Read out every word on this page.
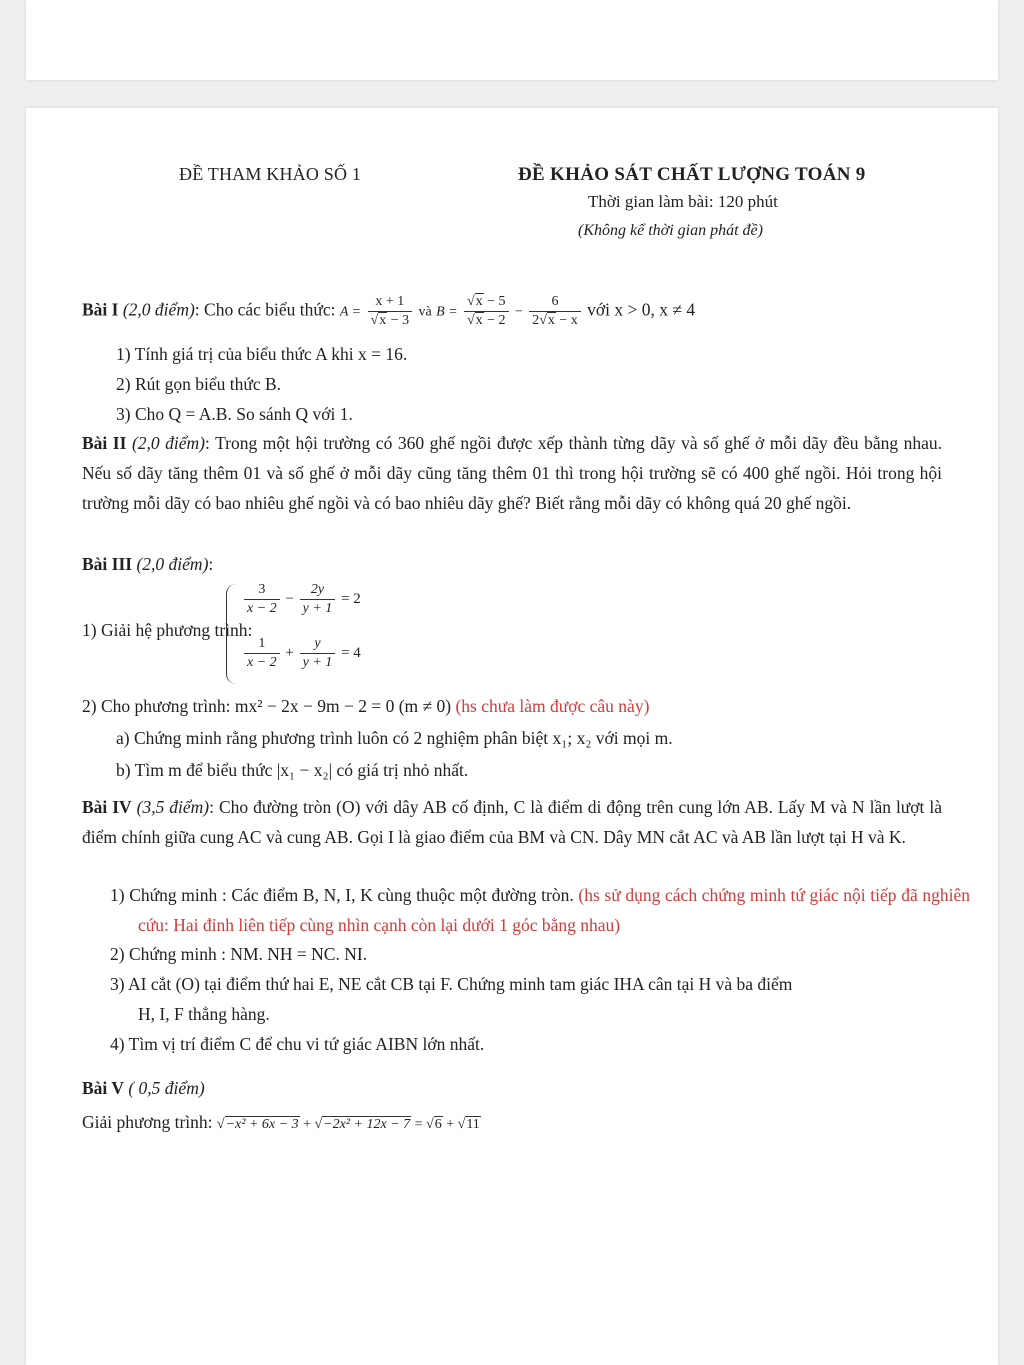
ĐỀ THAM KHẢO SỐ 1	ĐỀ KHẢO SÁT CHẤT LƯỢNG TOÁN 9
Thời gian làm bài: 120 phút
(Không kể thời gian phát đề)
Bài I (2,0 điểm): Cho các biểu thức: A = x + 1
√ x − 3 và B = √ x − 5
√ $x - 2 - \frac{6}{2 √ x - x}$ với x > 0, x ≠ 4
1) Tính giá trị của biểu thức A khi x = 16.
2) Rút gọn biểu thức B.
3) Cho Q = A.B. So sánh Q với 1.
Bài II (2,0 điểm): Trong một hội trường có 360 ghế ngồi được xếp thành từng dãy và số ghế ở mỗi dãy đều bằng nhau. Nếu số dãy tăng thêm 01 và số ghế ở mỗi dãy cũng tăng thêm 01 thì trong hội trường sẽ có 400 ghế ngồi. Hỏi trong hội trường mỗi dãy có bao nhiêu ghế ngồi và có bao nhiêu dãy ghế? Biết rằng mỗi dãy có không quá 20 ghế ngồi.
Bài III (2,0 điểm):
1) Giải hệ phương trình:
$\frac{3}{x - 2} - \frac{2y}{y + 1} = 2$
$\frac{1}{x - 2} + \frac{y}{y + 1} = 4$
2) Cho phương trình: mx² − 2x − 9m − 2 = 0 (m ≠ 0) (hs chưa làm được câu này)
a) Chứng minh rằng phương trình luôn có 2 nghiệm phân biệt x₁; x₂ với mọi m.
b) Tìm m để biểu thức |x₁ − x₂| có giá trị nhỏ nhất.
Bài IV (3,5 điểm): Cho đường tròn (O) với dây AB cố định, C là điểm di động trên cung lớn AB. Lấy M và N lần lượt là điểm chính giữa cung AC và cung AB. Gọi I là giao điểm của BM và CN. Dây MN cắt AC và AB lần lượt tại H và K.
1) Chứng minh : Các điểm B, N, I, K cùng thuộc một đường tròn. (hs sử dụng cách chứng minh tứ giác nội tiếp đã nghiên cứu: Hai đỉnh liên tiếp cùng nhìn cạnh còn lại dưới 1 góc bằng nhau)
2) Chứng minh : NM. NH = NC. NI.
3) AI cắt (O) tại điểm thứ hai E, NE cắt CB tại F. Chứng minh tam giác IHA cân tại H và ba điểm
H, I, F thẳng hàng.
4) Tìm vị trí điểm C để chu vi tứ giác AIBN lớn nhất.
Bài V ( 0,5 điểm)
Giải phương trình: √ −x² + 6x − 3 + √ −2x² + 12x − 7 = √ 6 + √ 11
